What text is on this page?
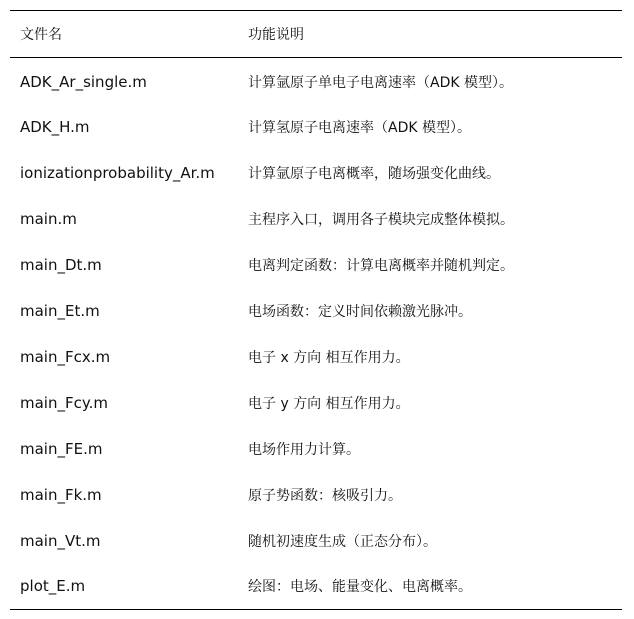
文件名	功能说明
ADK_Ar_single.m	计算氩原子单电子电离速率（ADK 模型）。
ADK_H.m	计算氢原子电离速率（ADK 模型）。
ionizationprobability_Ar.m	计算氩原子电离概率，随场强变化曲线。
main.m	主程序入口，调用各子模块完成整体模拟。
main_Dt.m	电离判定函数：计算电离概率并随机判定。
main_Et.m	电场函数：定义时间依赖激光脉冲。
main_Fcx.m	电子 x 方向 相互作用力。
main_Fcy.m	电子 y 方向 相互作用力。
main_FE.m	电场作用力计算。
main_Fk.m	原子势函数：核吸引力。
main_Vt.m	随机初速度生成（正态分布）。
plot_E.m	绘图：电场、能量变化、电离概率。
